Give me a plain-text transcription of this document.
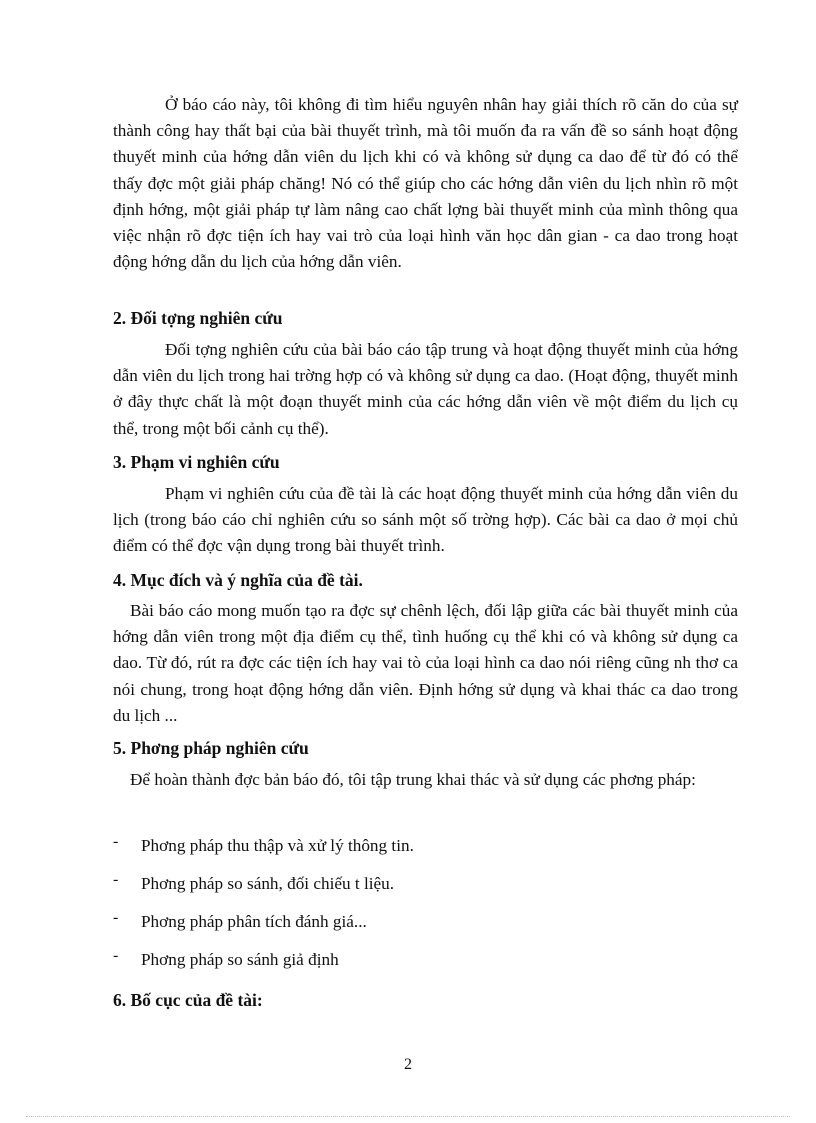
Ở báo cáo này, tôi không đi tìm hiểu nguyên nhân hay giải thích rõ căn do của sự thành công hay thất bại của bài thuyết trình, mà tôi muốn đa ra vấn đề so sánh hoạt động thuyết minh của hớng dẫn viên du lịch khi có và không sử dụng ca dao để từ đó có thể thấy đợc một giải pháp chăng! Nó có thể giúp cho các hớng dẫn viên du lịch nhìn rõ một định hớng, một giải pháp tự làm nâng cao chất lợng bài thuyết minh của mình thông qua việc nhận rõ đợc tiện ích hay vai trò của loại hình văn học dân gian - ca dao trong hoạt động hớng dẫn du lịch của hớng dẫn viên.

2. Đối tợng nghiên cứu

Đối tợng nghiên cứu của bài báo cáo tập trung và hoạt động thuyết minh của hớng dẫn viên du lịch trong hai trờng hợp có và không sử dụng ca dao. (Hoạt động, thuyết minh ở đây thực chất là một đoạn thuyết minh của các hớng dẫn viên về một điểm du lịch cụ thể, trong một bối cảnh cụ thể).

3. Phạm vi nghiên cứu

Phạm vi nghiên cứu của đề tài là các hoạt động thuyết minh của hớng dẫn viên du lịch (trong báo cáo chỉ nghiên cứu so sánh một số trờng hợp). Các bài ca dao ở mọi chủ điểm có thể đợc vận dụng trong bài thuyết trình.

4. Mục đích và ý nghĩa của đề tài.

Bài báo cáo mong muốn tạo ra đợc sự chênh lệch, đối lập giữa các bài thuyết minh của hớng dẫn viên trong một địa điểm cụ thể, tình huống cụ thể khi có và không sử dụng ca dao. Từ đó, rút ra đợc các tiện ích hay vai tò của loại hình ca dao nói riêng cũng nh thơ ca nói chung, trong hoạt động hớng dẫn viên. Định hớng sử dụng và khai thác ca dao trong du lịch ...

5. Phơng pháp nghiên cứu

Để hoàn thành đợc bản báo đó, tôi tập trung khai thác và sử dụng các phơng pháp:

- Phơng pháp thu thập và xử lý thông tin.
- Phơng pháp so sánh, đối chiếu t liệu.
- Phơng pháp phân tích đánh giá...
- Phơng pháp so sánh giả định
6. Bố cục của đề tài:
2
